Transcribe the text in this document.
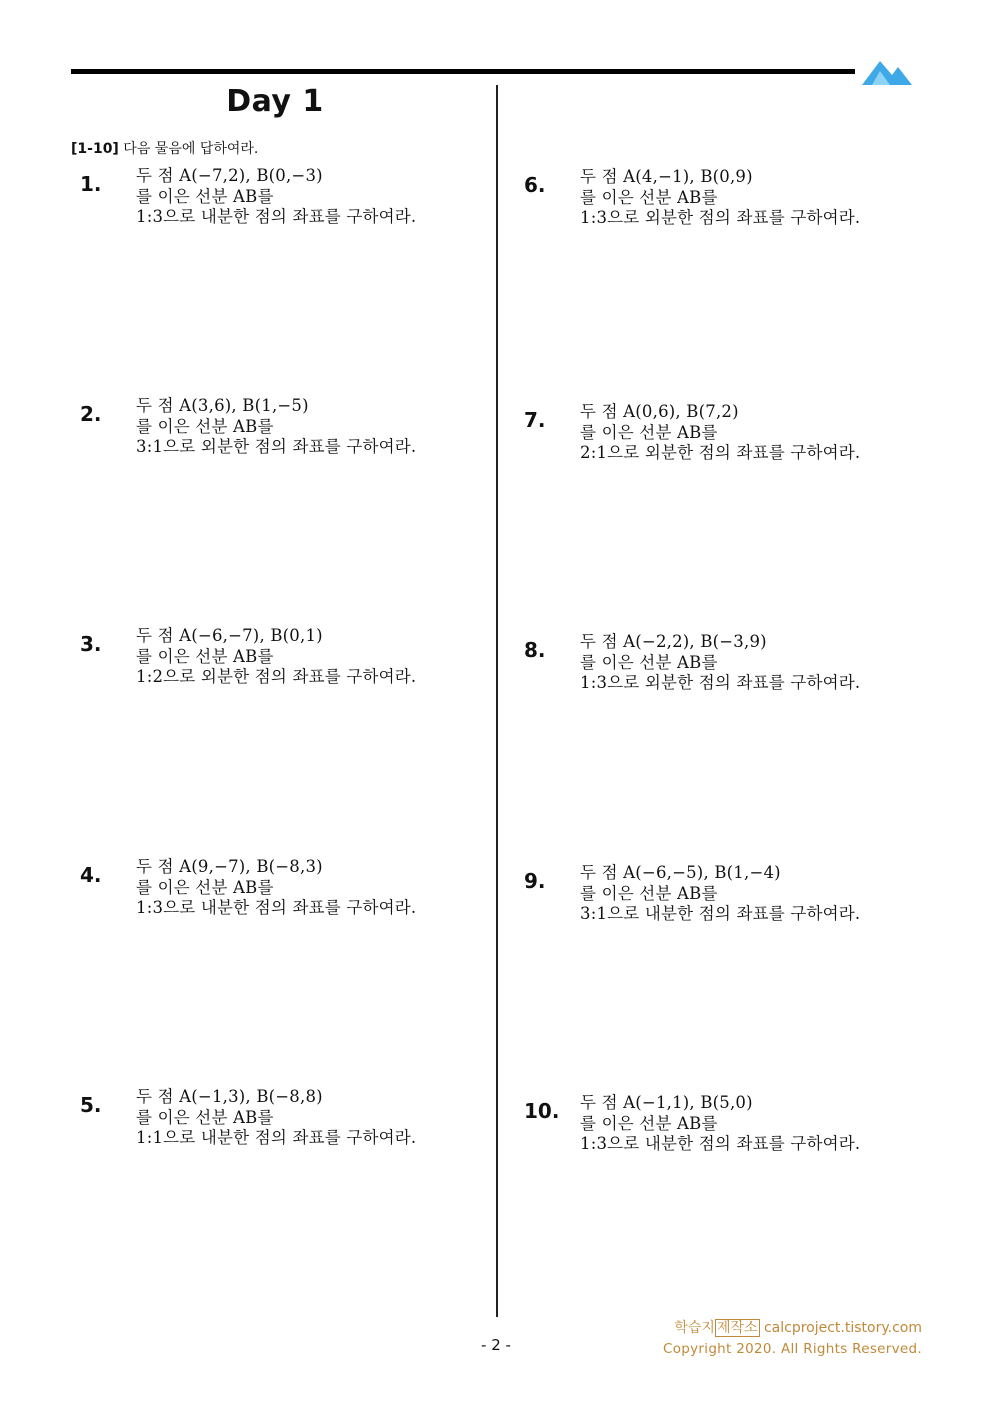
Day 1
[1-10] 다음 물음에 답하여라.
1. 두 점 A(−7,2), B(0,−3)
를 이은 선분 AB를
1:3으로 내분한 점의 좌표를 구하여라.
2. 두 점 A(3,6), B(1,−5)
를 이은 선분 AB를
3:1으로 외분한 점의 좌표를 구하여라.
3. 두 점 A(−6,−7), B(0,1)
를 이은 선분 AB를
1:2으로 외분한 점의 좌표를 구하여라.
4. 두 점 A(9,−7), B(−8,3)
를 이은 선분 AB를
1:3으로 내분한 점의 좌표를 구하여라.
5. 두 점 A(−1,3), B(−8,8)
를 이은 선분 AB를
1:1으로 내분한 점의 좌표를 구하여라.
6. 두 점 A(4,−1), B(0,9)
를 이은 선분 AB를
1:3으로 외분한 점의 좌표를 구하여라.
7. 두 점 A(0,6), B(7,2)
를 이은 선분 AB를
2:1으로 외분한 점의 좌표를 구하여라.
8. 두 점 A(−2,2), B(−3,9)
를 이은 선분 AB를
1:3으로 외분한 점의 좌표를 구하여라.
9. 두 점 A(−6,−5), B(1,−4)
를 이은 선분 AB를
3:1으로 내분한 점의 좌표를 구하여라.
10. 두 점 A(−1,1), B(5,0)
를 이은 선분 AB를
1:3으로 내분한 점의 좌표를 구하여라.
학습지 제작소 calcproject.tistory.com
Copyright 2020. All Rights Reserved.
- 2 -
